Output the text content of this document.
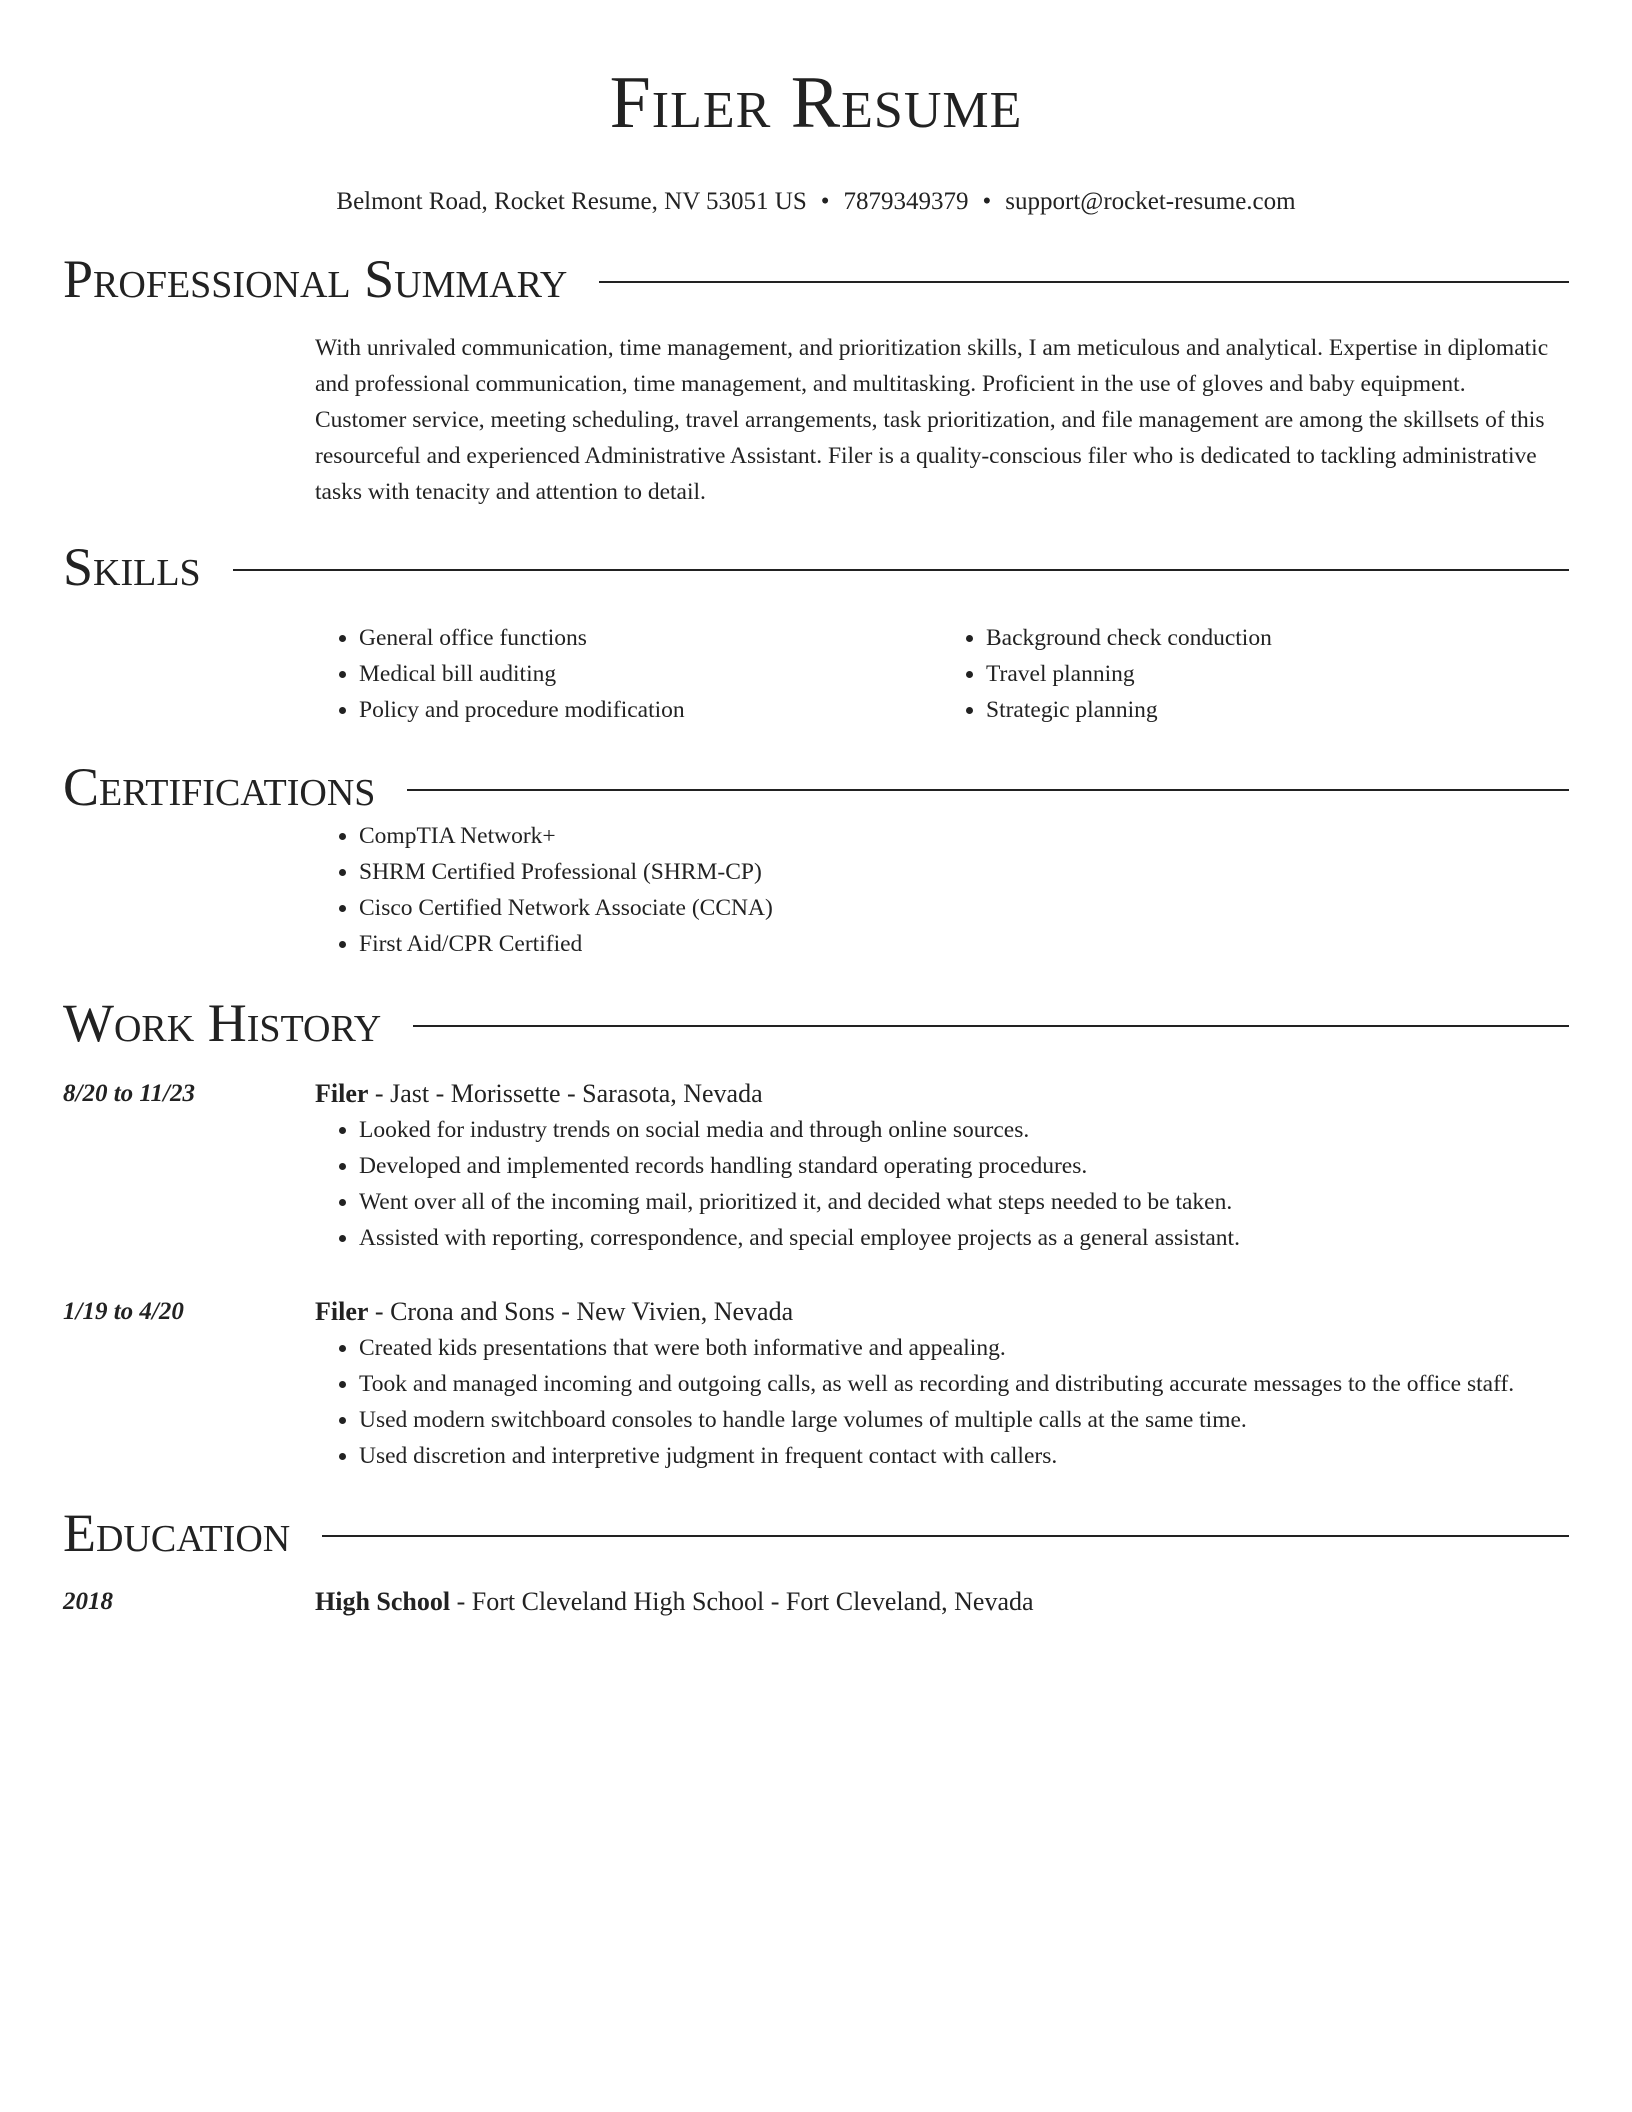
Filer Resume
Belmont Road, Rocket Resume, NV 53051 US • 7879349379 • support@rocket-resume.com
Professional Summary

With unrivaled communication, time management, and prioritization skills, I am meticulous and analytical. Expertise in diplomatic and professional communication, time management, and multitasking. Proficient in the use of gloves and baby equipment. Customer service, meeting scheduling, travel arrangements, task prioritization, and file management are among the skillsets of this resourceful and experienced Administrative Assistant. Filer is a quality-conscious filer who is dedicated to tackling administrative tasks with tenacity and attention to detail.

Skills
• General office functions
• Medical bill auditing
• Policy and procedure modification
• Background check conduction
• Travel planning
• Strategic planning
Certifications
• CompTIA Network+
• SHRM Certified Professional (SHRM-CP)
• Cisco Certified Network Associate (CCNA)
• First Aid/CPR Certified
Work History
8/20 to 11/23	Filer - Jast - Morissette - Sarasota, Nevada
• Looked for industry trends on social media and through online sources.
• Developed and implemented records handling standard operating procedures.
• Went over all of the incoming mail, prioritized it, and decided what steps needed to be taken.
• Assisted with reporting, correspondence, and special employee projects as a general assistant.
1/19 to 4/20	Filer - Crona and Sons - New Vivien, Nevada
• Created kids presentations that were both informative and appealing.
• Took and managed incoming and outgoing calls, as well as recording and distributing accurate messages to the office staff.
• Used modern switchboard consoles to handle large volumes of multiple calls at the same time.
• Used discretion and interpretive judgment in frequent contact with callers.
Education
2018	High School - Fort Cleveland High School - Fort Cleveland, Nevada
